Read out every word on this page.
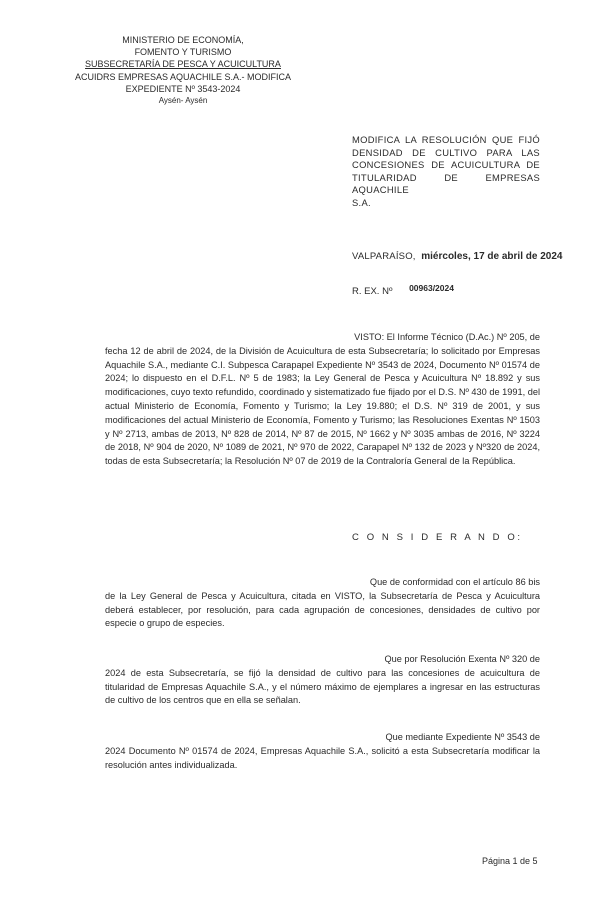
MINISTERIO DE ECONOMÍA,
FOMENTO Y TURISMO
SUBSECRETARÍA DE PESCA Y ACUICULTURA
ACUIDRS EMPRESAS AQUACHILE S.A.- MODIFICA
EXPEDIENTE Nº 3543-2024
Aysén- Aysén
MODIFICA LA RESOLUCIÓN QUE FIJÓ
DENSIDAD DE CULTIVO PARA LAS
CONCESIONES DE ACUICULTURA DE
TITULARIDAD DE EMPRESAS AQUACHILE
S.A.
VALPARAÍSO, miércoles, 17 de abril de 2024
R. EX. Nº 00963/2024

VISTO: El Informe Técnico (D.Ac.) Nº 205, de

fecha 12 de abril de 2024, de la División de Acuicultura de esta Subsecretaría; lo solicitado por Empresas Aquachile S.A., mediante C.I. Subpesca Carapapel Expediente Nº 3543 de 2024, Documento Nº 01574 de 2024; lo dispuesto en el D.F.L. Nº 5 de 1983; la Ley General de Pesca y Acuicultura Nº 18.892 y sus modificaciones, cuyo texto refundido, coordinado y sistematizado fue fijado por el D.S. Nº 430 de 1991, del actual Ministerio de Economía, Fomento y Turismo; la Ley 19.880; el D.S. Nº 319 de 2001, y sus modificaciones del actual Ministerio de Economía, Fomento y Turismo; las Resoluciones Exentas Nº 1503 y Nº 2713, ambas de 2013, Nº 828 de 2014, Nº 87 de 2015, Nº 1662 y Nº 3035 ambas de 2016, Nº 3224 de 2018, Nº 904 de 2020, Nº 1089 de 2021, Nº 970 de 2022, Carapapel Nº 132 de 2023 y Nº320 de 2024, todas de esta Subsecretaría; la Resolución Nº 07 de 2019 de la Contraloría General de la República.

C O N S I D E R A N D O:

Que de conformidad con el artículo 86 bis

de la Ley General de Pesca y Acuicultura, citada en VISTO, la Subsecretaría de Pesca y Acuicultura deberá establecer, por resolución, para cada agrupación de concesiones, densidades de cultivo por especie o grupo de especies.

Que por Resolución Exenta Nº 320 de

2024 de esta Subsecretaría, se fijó la densidad de cultivo para las concesiones de acuicultura de titularidad de Empresas Aquachile S.A., y el número máximo de ejemplares a ingresar en las estructuras de cultivo de los centros que en ella se señalan.

Que mediante Expediente Nº 3543 de

2024 Documento Nº 01574 de 2024, Empresas Aquachile S.A., solicitó a esta Subsecretaría modificar la resolución antes individualizada.

Página 1 de 5
